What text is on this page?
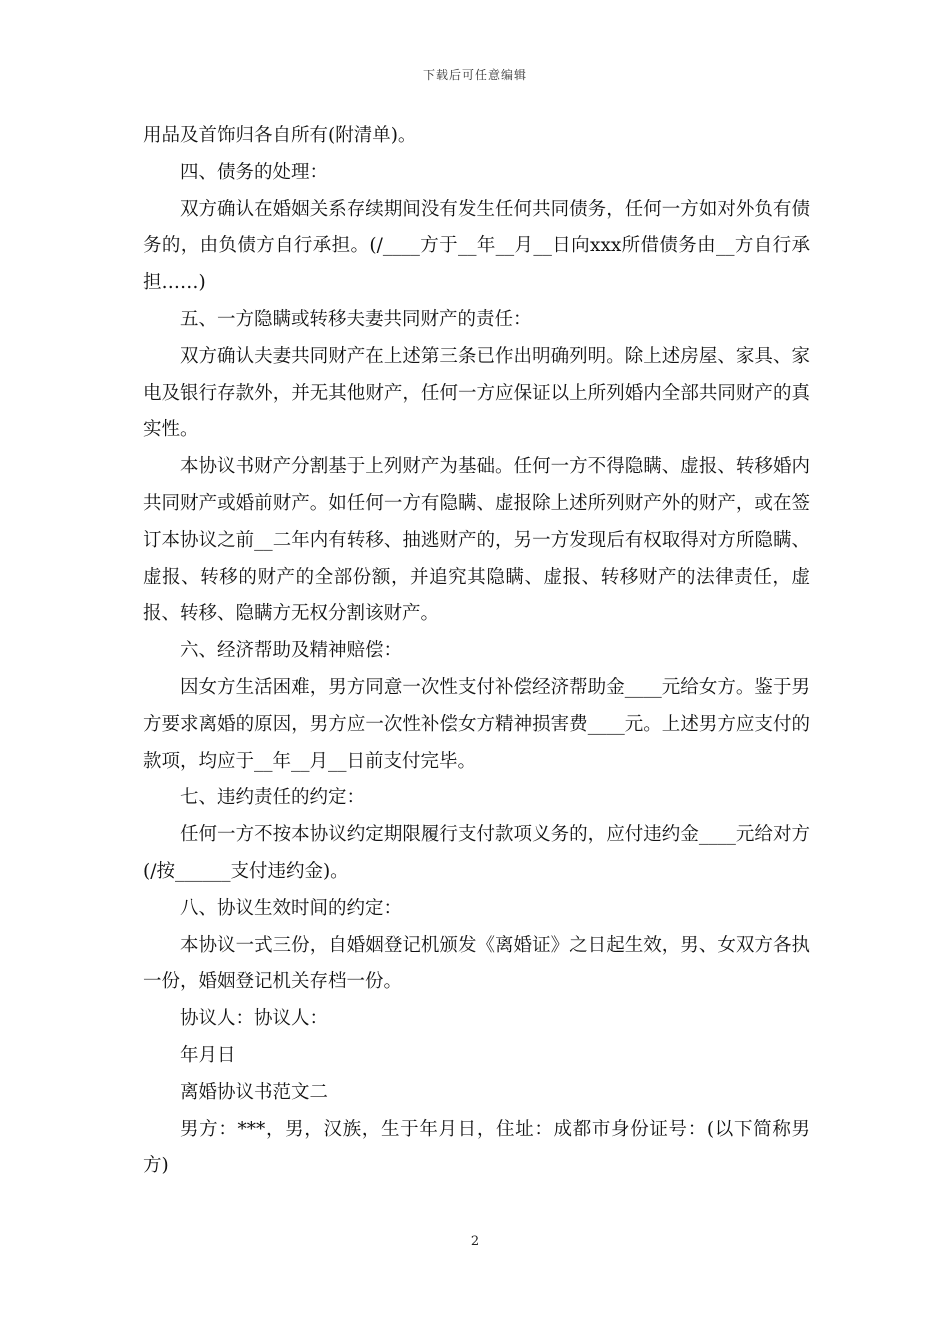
下载后可任意编辑

用品及首饰归各自所有(附清单)。

四、债务的处理：

双方确认在婚姻关系存续期间没有发生任何共同债务，任何一方如对外负有债务的，由负债方自行承担。(/____方于__年__月__日向xxx所借债务由__方自行承担……)

五、一方隐瞒或转移夫妻共同财产的责任：

双方确认夫妻共同财产在上述第三条已作出明确列明。除上述房屋、家具、家电及银行存款外，并无其他财产，任何一方应保证以上所列婚内全部共同财产的真实性。

本协议书财产分割基于上列财产为基础。任何一方不得隐瞒、虚报、转移婚内共同财产或婚前财产。如任何一方有隐瞒、虚报除上述所列财产外的财产，或在签订本协议之前__二年内有转移、抽逃财产的，另一方发现后有权取得对方所隐瞒、虚报、转移的财产的全部份额，并追究其隐瞒、虚报、转移财产的法律责任，虚报、转移、隐瞒方无权分割该财产。

六、经济帮助及精神赔偿：

因女方生活困难，男方同意一次性支付补偿经济帮助金____元给女方。鉴于男方要求离婚的原因，男方应一次性补偿女方精神损害费____元。上述男方应支付的款项，均应于__年__月__日前支付完毕。

七、违约责任的约定：

任何一方不按本协议约定期限履行支付款项义务的，应付违约金____元给对方(/按______支付违约金)。

八、协议生效时间的约定：

本协议一式三份，自婚姻登记机颁发《离婚证》之日起生效，男、女双方各执一份，婚姻登记机关存档一份。

协议人：协议人：

年月日

离婚协议书范文二

男方：***，男，汉族，生于年月日，住址：成都市身份证号：(以下简称男方)

2
